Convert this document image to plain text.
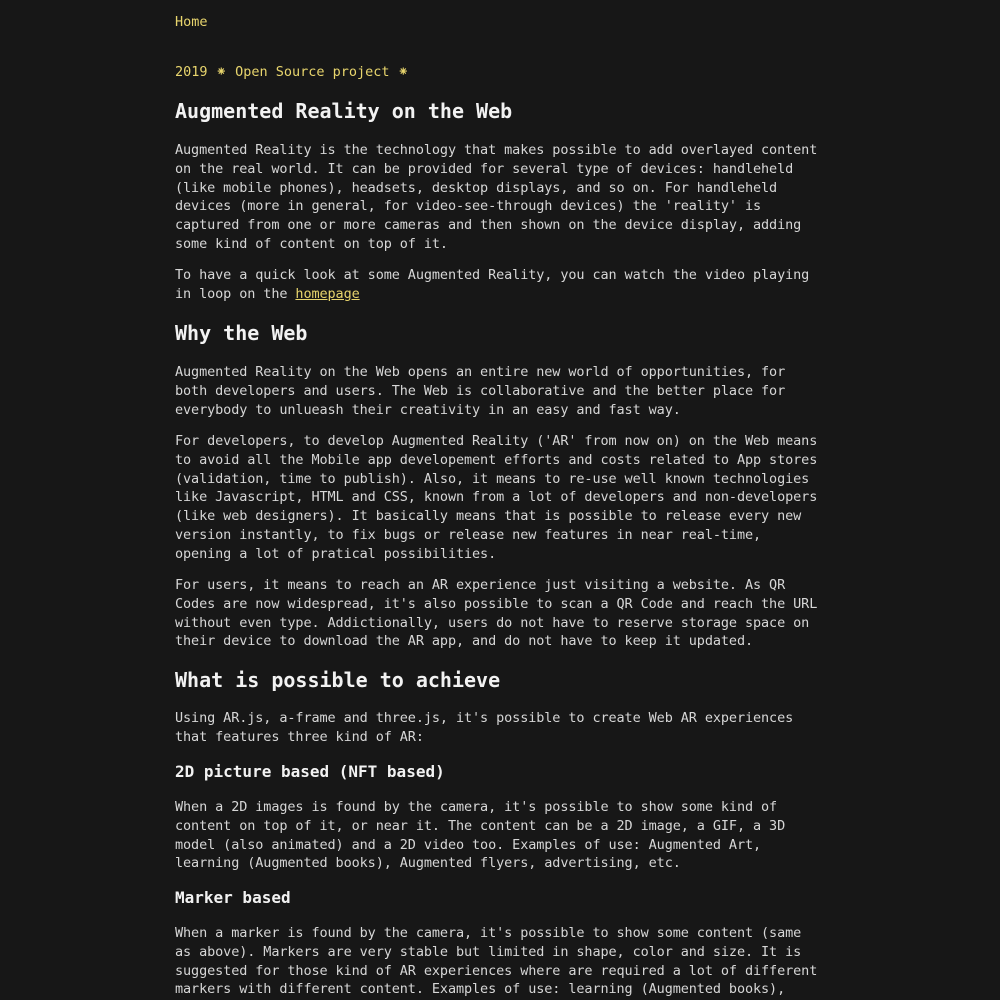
Home
2019 ⁕ Open Source project ⁕
Augmented Reality on the Web

Augmented Reality is the technology that makes possible to add overlayed content on the real world. It can be provided for several type of devices: handleheld (like mobile phones), headsets, desktop displays, and so on. For handleheld devices (more in general, for video-see-through devices) the 'reality' is captured from one or more cameras and then shown on the device display, adding some kind of content on top of it.

To have a quick look at some Augmented Reality, you can watch the video playing in loop on the homepage

Why the Web

Augmented Reality on the Web opens an entire new world of opportunities, for both developers and users. The Web is collaborative and the better place for everybody to unlueash their creativity in an easy and fast way.

For developers, to develop Augmented Reality ('AR' from now on) on the Web means to avoid all the Mobile app developement efforts and costs related to App stores (validation, time to publish). Also, it means to re-use well known technologies like Javascript, HTML and CSS, known from a lot of developers and non-developers (like web designers). It basically means that is possible to release every new version instantly, to fix bugs or release new features in near real-time, opening a lot of pratical possibilities.

For users, it means to reach an AR experience just visiting a website. As QR Codes are now widespread, it's also possible to scan a QR Code and reach the URL without even type. Addictionally, users do not have to reserve storage space on their device to download the AR app, and do not have to keep it updated.

What is possible to achieve

Using AR.js, a-frame and three.js, it's possible to create Web AR experiences that features three kind of AR:

2D picture based (NFT based)

When a 2D images is found by the camera, it's possible to show some kind of content on top of it, or near it. The content can be a 2D image, a GIF, a 3D model (also animated) and a 2D video too. Examples of use: Augmented Art, learning (Augmented books), Augmented flyers, advertising, etc.

Marker based

When a marker is found by the camera, it's possible to show some content (same as above). Markers are very stable but limited in shape, color and size. It is suggested for those kind of AR experiences where are required a lot of different markers with different content. Examples of use: learning (Augmented books),
